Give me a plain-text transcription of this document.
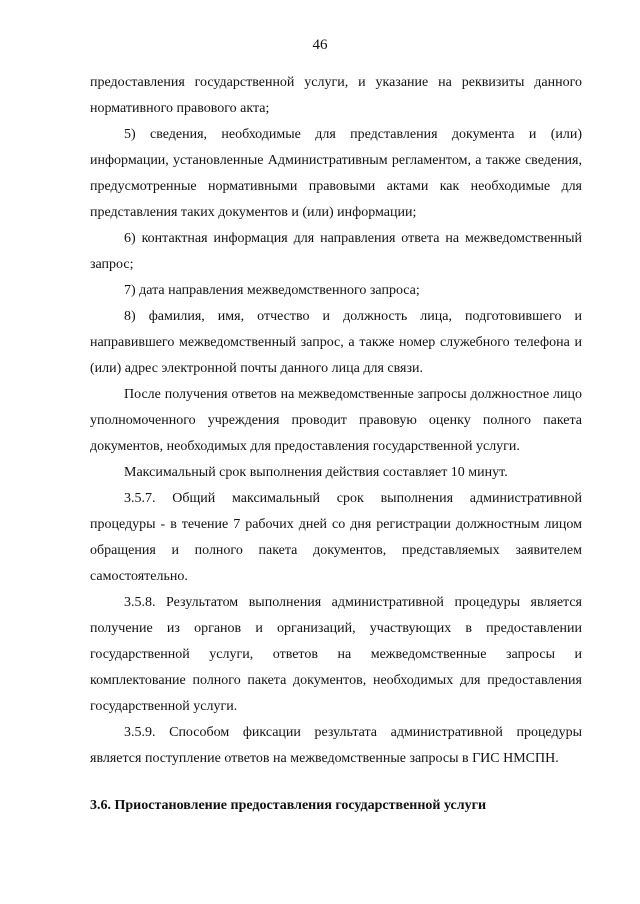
46

предоставления государственной услуги, и указание на реквизиты данного нормативного правового акта;

5) сведения, необходимые для представления документа и (или) информации, установленные Административным регламентом, а также сведения, предусмотренные нормативными правовыми актами как необходимые для представления таких документов и (или) информации;

6) контактная информация для направления ответа на межведомственный запрос;

7) дата направления межведомственного запроса;

8) фамилия, имя, отчество и должность лица, подготовившего и направившего межведомственный запрос, а также номер служебного телефона и (или) адрес электронной почты данного лица для связи.

После получения ответов на межведомственные запросы должностное лицо уполномоченного учреждения проводит правовую оценку полного пакета документов, необходимых для предоставления государственной услуги.

Максимальный срок выполнения действия составляет 10 минут.

3.5.7. Общий максимальный срок выполнения административной процедуры - в течение 7 рабочих дней со дня регистрации должностным лицом обращения и полного пакета документов, представляемых заявителем самостоятельно.

3.5.8. Результатом выполнения административной процедуры является получение из органов и организаций, участвующих в предоставлении государственной услуги, ответов на межведомственные запросы и комплектование полного пакета документов, необходимых для предоставления государственной услуги.

3.5.9. Способом фиксации результата административной процедуры является поступление ответов на межведомственные запросы в ГИС НМСПН.

3.6. Приостановление предоставления государственной услуги
